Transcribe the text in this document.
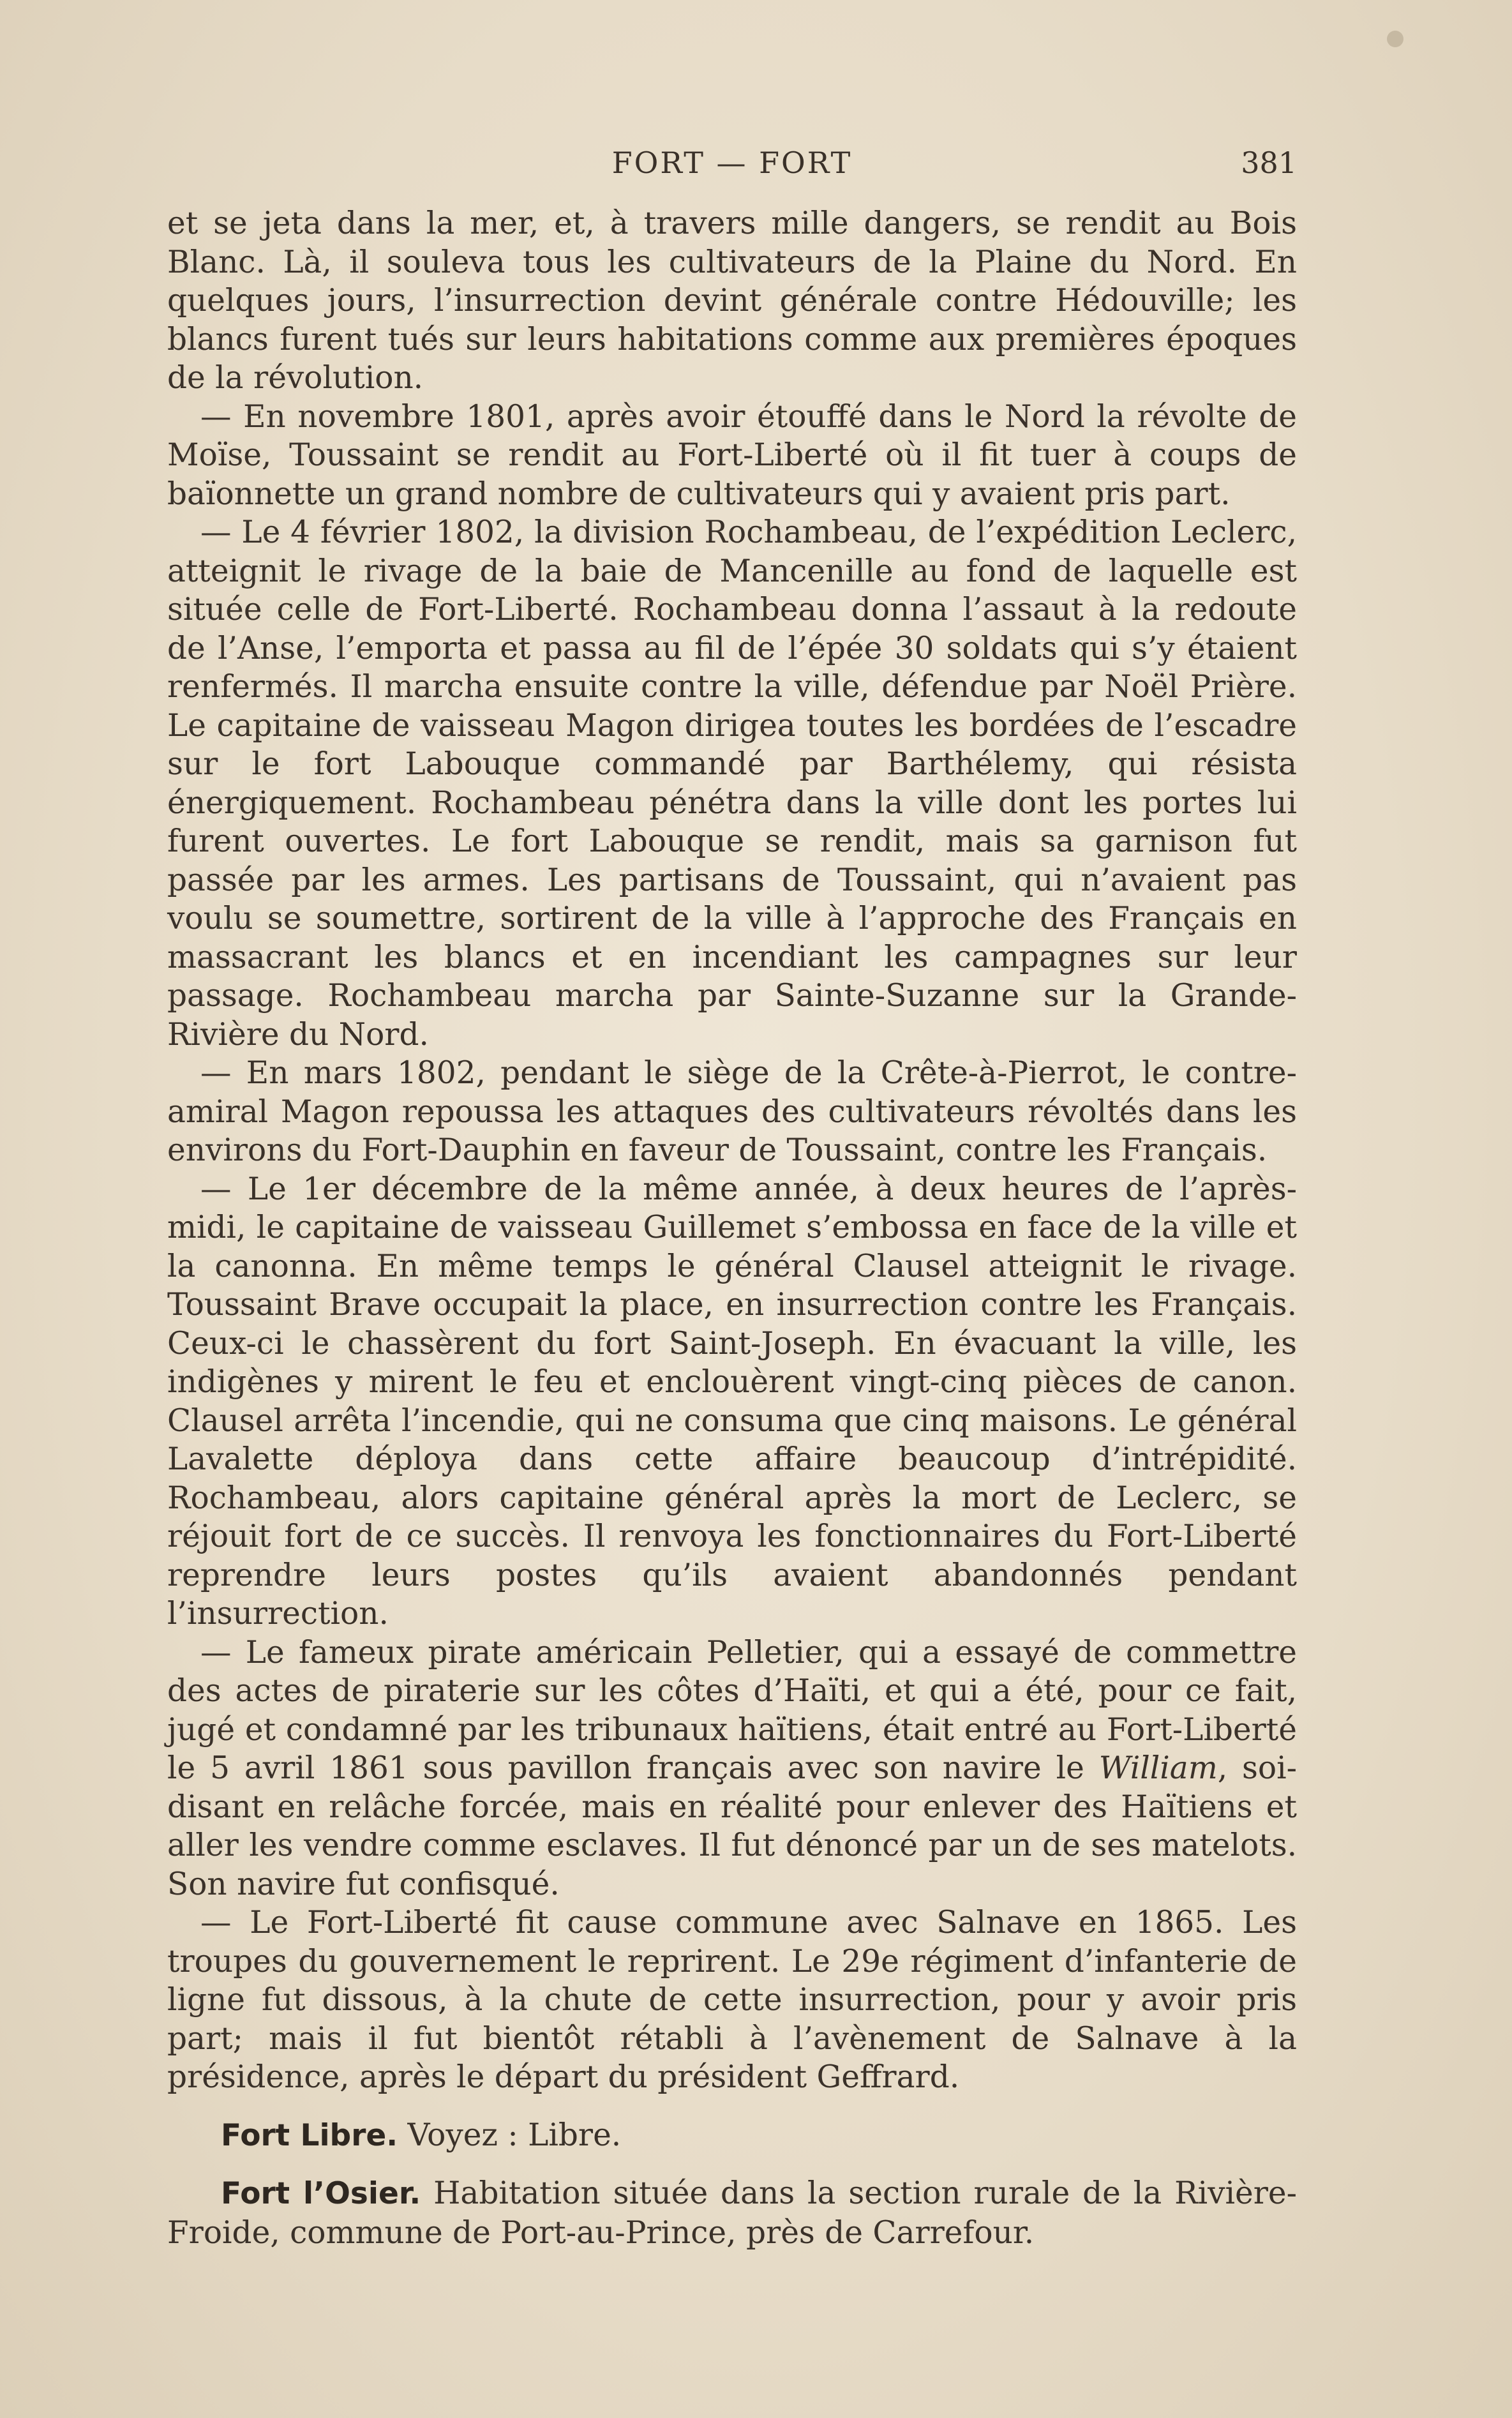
FORT — FORT	381

et se jeta dans la mer, et, à travers mille dangers, se rendit au Bois Blanc. Là, il souleva tous les cultivateurs de la Plaine du Nord. En quelques jours, l’insurrection devint générale contre Hédouville; les blancs furent tués sur leurs habitations comme aux premières époques de la révolution.

— En novembre 1801, après avoir étouffé dans le Nord la révolte de Moïse, Toussaint se rendit au Fort-Liberté où il fit tuer à coups de baïonnette un grand nombre de cultivateurs qui y avaient pris part.

— Le 4 février 1802, la division Rochambeau, de l’expédition Leclerc, atteignit le rivage de la baie de Mancenille au fond de laquelle est située celle de Fort-Liberté. Rochambeau donna l’assaut à la redoute de l’Anse, l’emporta et passa au fil de l’épée 30 soldats qui s’y étaient renfermés. Il marcha ensuite contre la ville, défendue par Noël Prière. Le capitaine de vaisseau Magon dirigea toutes les bordées de l’escadre sur le fort Labouque commandé par Barthélemy, qui résista énergiquement. Rochambeau pénétra dans la ville dont les portes lui furent ouvertes. Le fort Labouque se rendit, mais sa garnison fut passée par les armes. Les partisans de Toussaint, qui n’avaient pas voulu se soumettre, sortirent de la ville à l’approche des Français en massacrant les blancs et en incendiant les campagnes sur leur passage. Rochambeau marcha par Sainte-Suzanne sur la Grande-Rivière du Nord.

— En mars 1802, pendant le siège de la Crête-à-Pierrot, le contre-amiral Magon repoussa les attaques des cultivateurs révoltés dans les environs du Fort-Dauphin en faveur de Toussaint, contre les Français.

— Le 1er décembre de la même année, à deux heures de l’après-midi, le capitaine de vaisseau Guillemet s’embossa en face de la ville et la canonna. En même temps le général Clausel atteignit le rivage. Toussaint Brave occupait la place, en insurrection contre les Français. Ceux-ci le chassèrent du fort Saint-Joseph. En évacuant la ville, les indigènes y mirent le feu et enclouèrent vingt-cinq pièces de canon. Clausel arrêta l’incendie, qui ne consuma que cinq maisons. Le général Lavalette déploya dans cette affaire beaucoup d’intrépidité. Rochambeau, alors capitaine général après la mort de Leclerc, se réjouit fort de ce succès. Il renvoya les fonctionnaires du Fort-Liberté reprendre leurs postes qu’ils avaient abandonnés pendant l’insurrection.

— Le fameux pirate américain Pelletier, qui a essayé de commettre des actes de piraterie sur les côtes d’Haïti, et qui a été, pour ce fait, jugé et condamné par les tribunaux haïtiens, était entré au Fort-Liberté le 5 avril 1861 sous pavillon français avec son navire le William, soi-disant en relâche forcée, mais en réalité pour enlever des Haïtiens et aller les vendre comme esclaves. Il fut dénoncé par un de ses matelots. Son navire fut confisqué.

— Le Fort-Liberté fit cause commune avec Salnave en 1865. Les troupes du gouvernement le reprirent. Le 29e régiment d’infanterie de ligne fut dissous, à la chute de cette insurrection, pour y avoir pris part; mais il fut bientôt rétabli à l’avènement de Salnave à la présidence, après le départ du président Geffrard.

Fort Libre. Voyez : Libre.

Fort l’Osier. Habitation située dans la section rurale de la Rivière-Froide, commune de Port-au-Prince, près de Carrefour.
